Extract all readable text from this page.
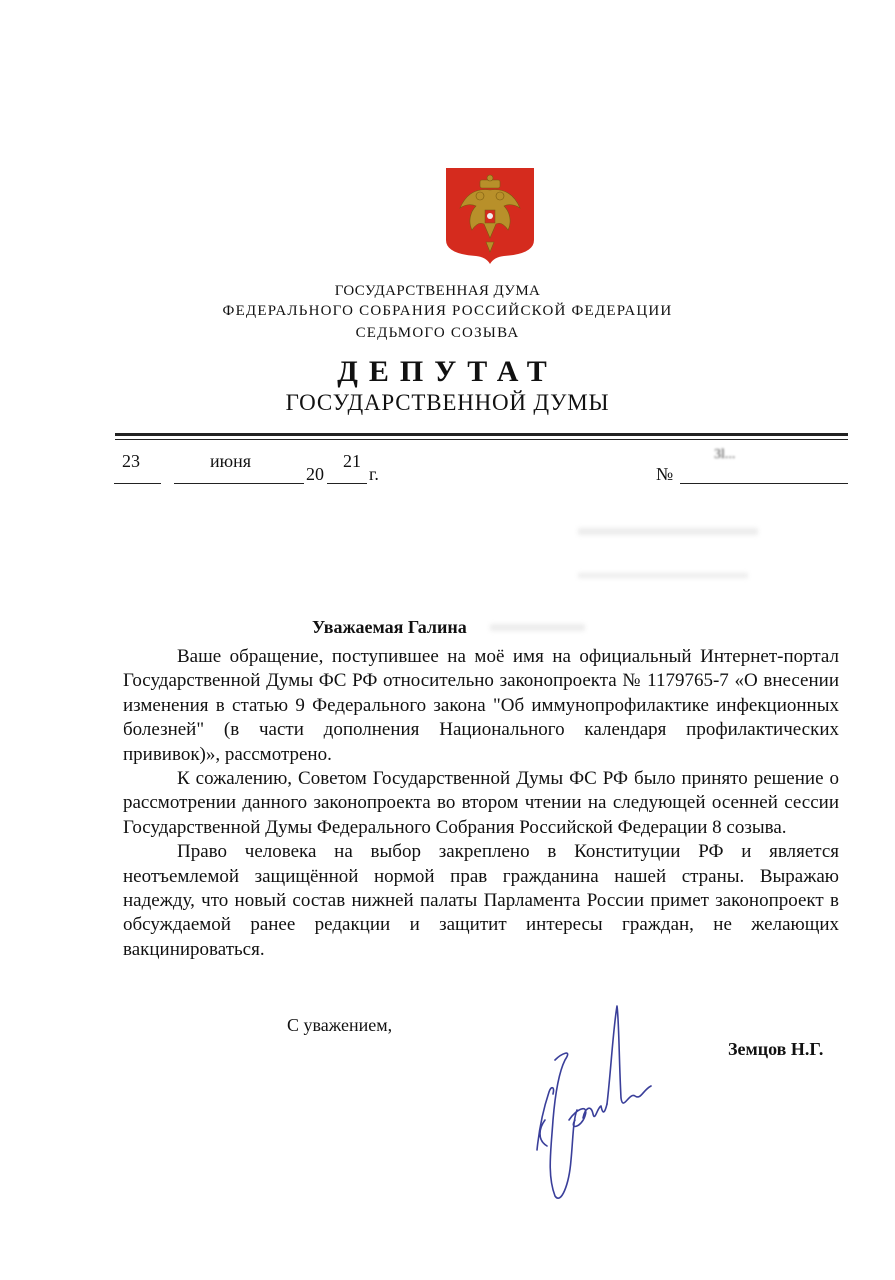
ГОСУДАРСТВЕННАЯ ДУМА
ФЕДЕРАЛЬНОГО СОБРАНИЯ РОССИЙСКОЙ ФЕДЕРАЦИИ
СЕДЬМОГО СОЗЫВА
ДЕПУТАТ
ГОСУДАРСТВЕННОЙ ДУМЫ
23	июня
20
21
г.	№
3l...
Уважаемая Галина

Ваше обращение, поступившее на моё имя на официальный Интернет-портал Государственной Думы ФС РФ относительно законопроекта № 1179765-7 «О внесении изменения в статью 9 Федерального закона "Об иммунопрофилактике инфекционных болезней" (в части дополнения Национального календаря профилактических прививок)», рассмотрено.

К сожалению, Советом Государственной Думы ФС РФ было принято решение о рассмотрении данного законопроекта во втором чтении на следующей осенней сессии Государственной Думы Федерального Собрания Российской Федерации 8 созыва.

Право человека на выбор закреплено в Конституции РФ и является неотъемлемой защищённой нормой прав гражданина нашей страны. Выражаю надежду, что новый состав нижней палаты Парламента России примет законопроект в обсуждаемой ранее редакции и защитит интересы граждан, не желающих вакцинироваться.

С уважением,
Земцов Н.Г.
